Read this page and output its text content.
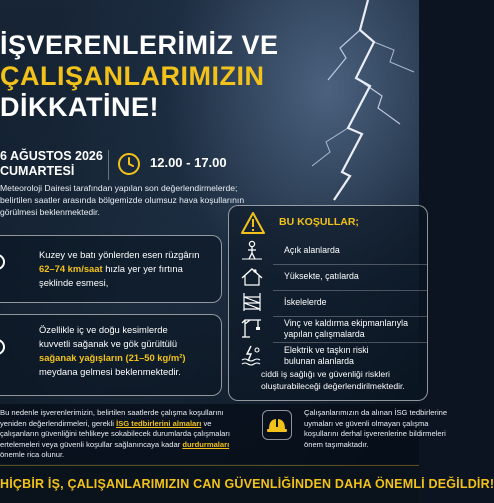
İŞVERENLERİMİZ VE
ÇALIŞANLARIMIZIN
DİKKATİNE!
6 AĞUSTOS 2026
CUMARTESİ
12.00 - 17.00
Meteoroloji Dairesi tarafından yapılan son değerlendirmelerde;
belirtilen saatler arasında bölgemizde olumsuz hava koşullarının
görülmesi beklenmektedir.
Kuzey ve batı yönlerden esen rüzgârın
62–74 km/saat hızla yer yer fırtına
şeklinde esmesi,
Özellikle iç ve doğu kesimlerde
kuvvetli sağanak ve gök gürültülü
sağanak yağışların (21–50 kg/m²)
meydana gelmesi beklenmektedir.
BU KOŞULLAR;
Açık alanlarda
Yüksekte, çatılarda
İskelelerde
Vinç ve kaldırma ekipmanlarıyla
yapılan çalışmalarda
Elektrik ve taşkın riski
bulunan alanlarda
ciddi iş sağlığı ve güvenliği riskleri
oluşturabileceği değerlendirilmektedir.
Bu nedenle işverenlerimizin, belirtilen saatlerde çalışma koşullarını
yeniden değerlendirmeleri, gerekli İSG tedbirlerini almaları ve
çalışanların güvenliğini tehlikeye sokabilecek durumlarda çalışmaları
ertelemeleri veya güvenli koşullar sağlanıncaya kadar durdurmaları
önemle rica olunur.
Çalışanlarımızın da alınan İSG tedbirlerine
uymaları ve güvenli olmayan çalışma
koşullarını derhal işverenlerine bildirmeleri
önem taşımaktadır.
HİÇBİR İŞ, ÇALIŞANLARIMIZIN CAN GÜVENLİĞİNDEN DAHA ÖNEMLİ DEĞİLDİR!
